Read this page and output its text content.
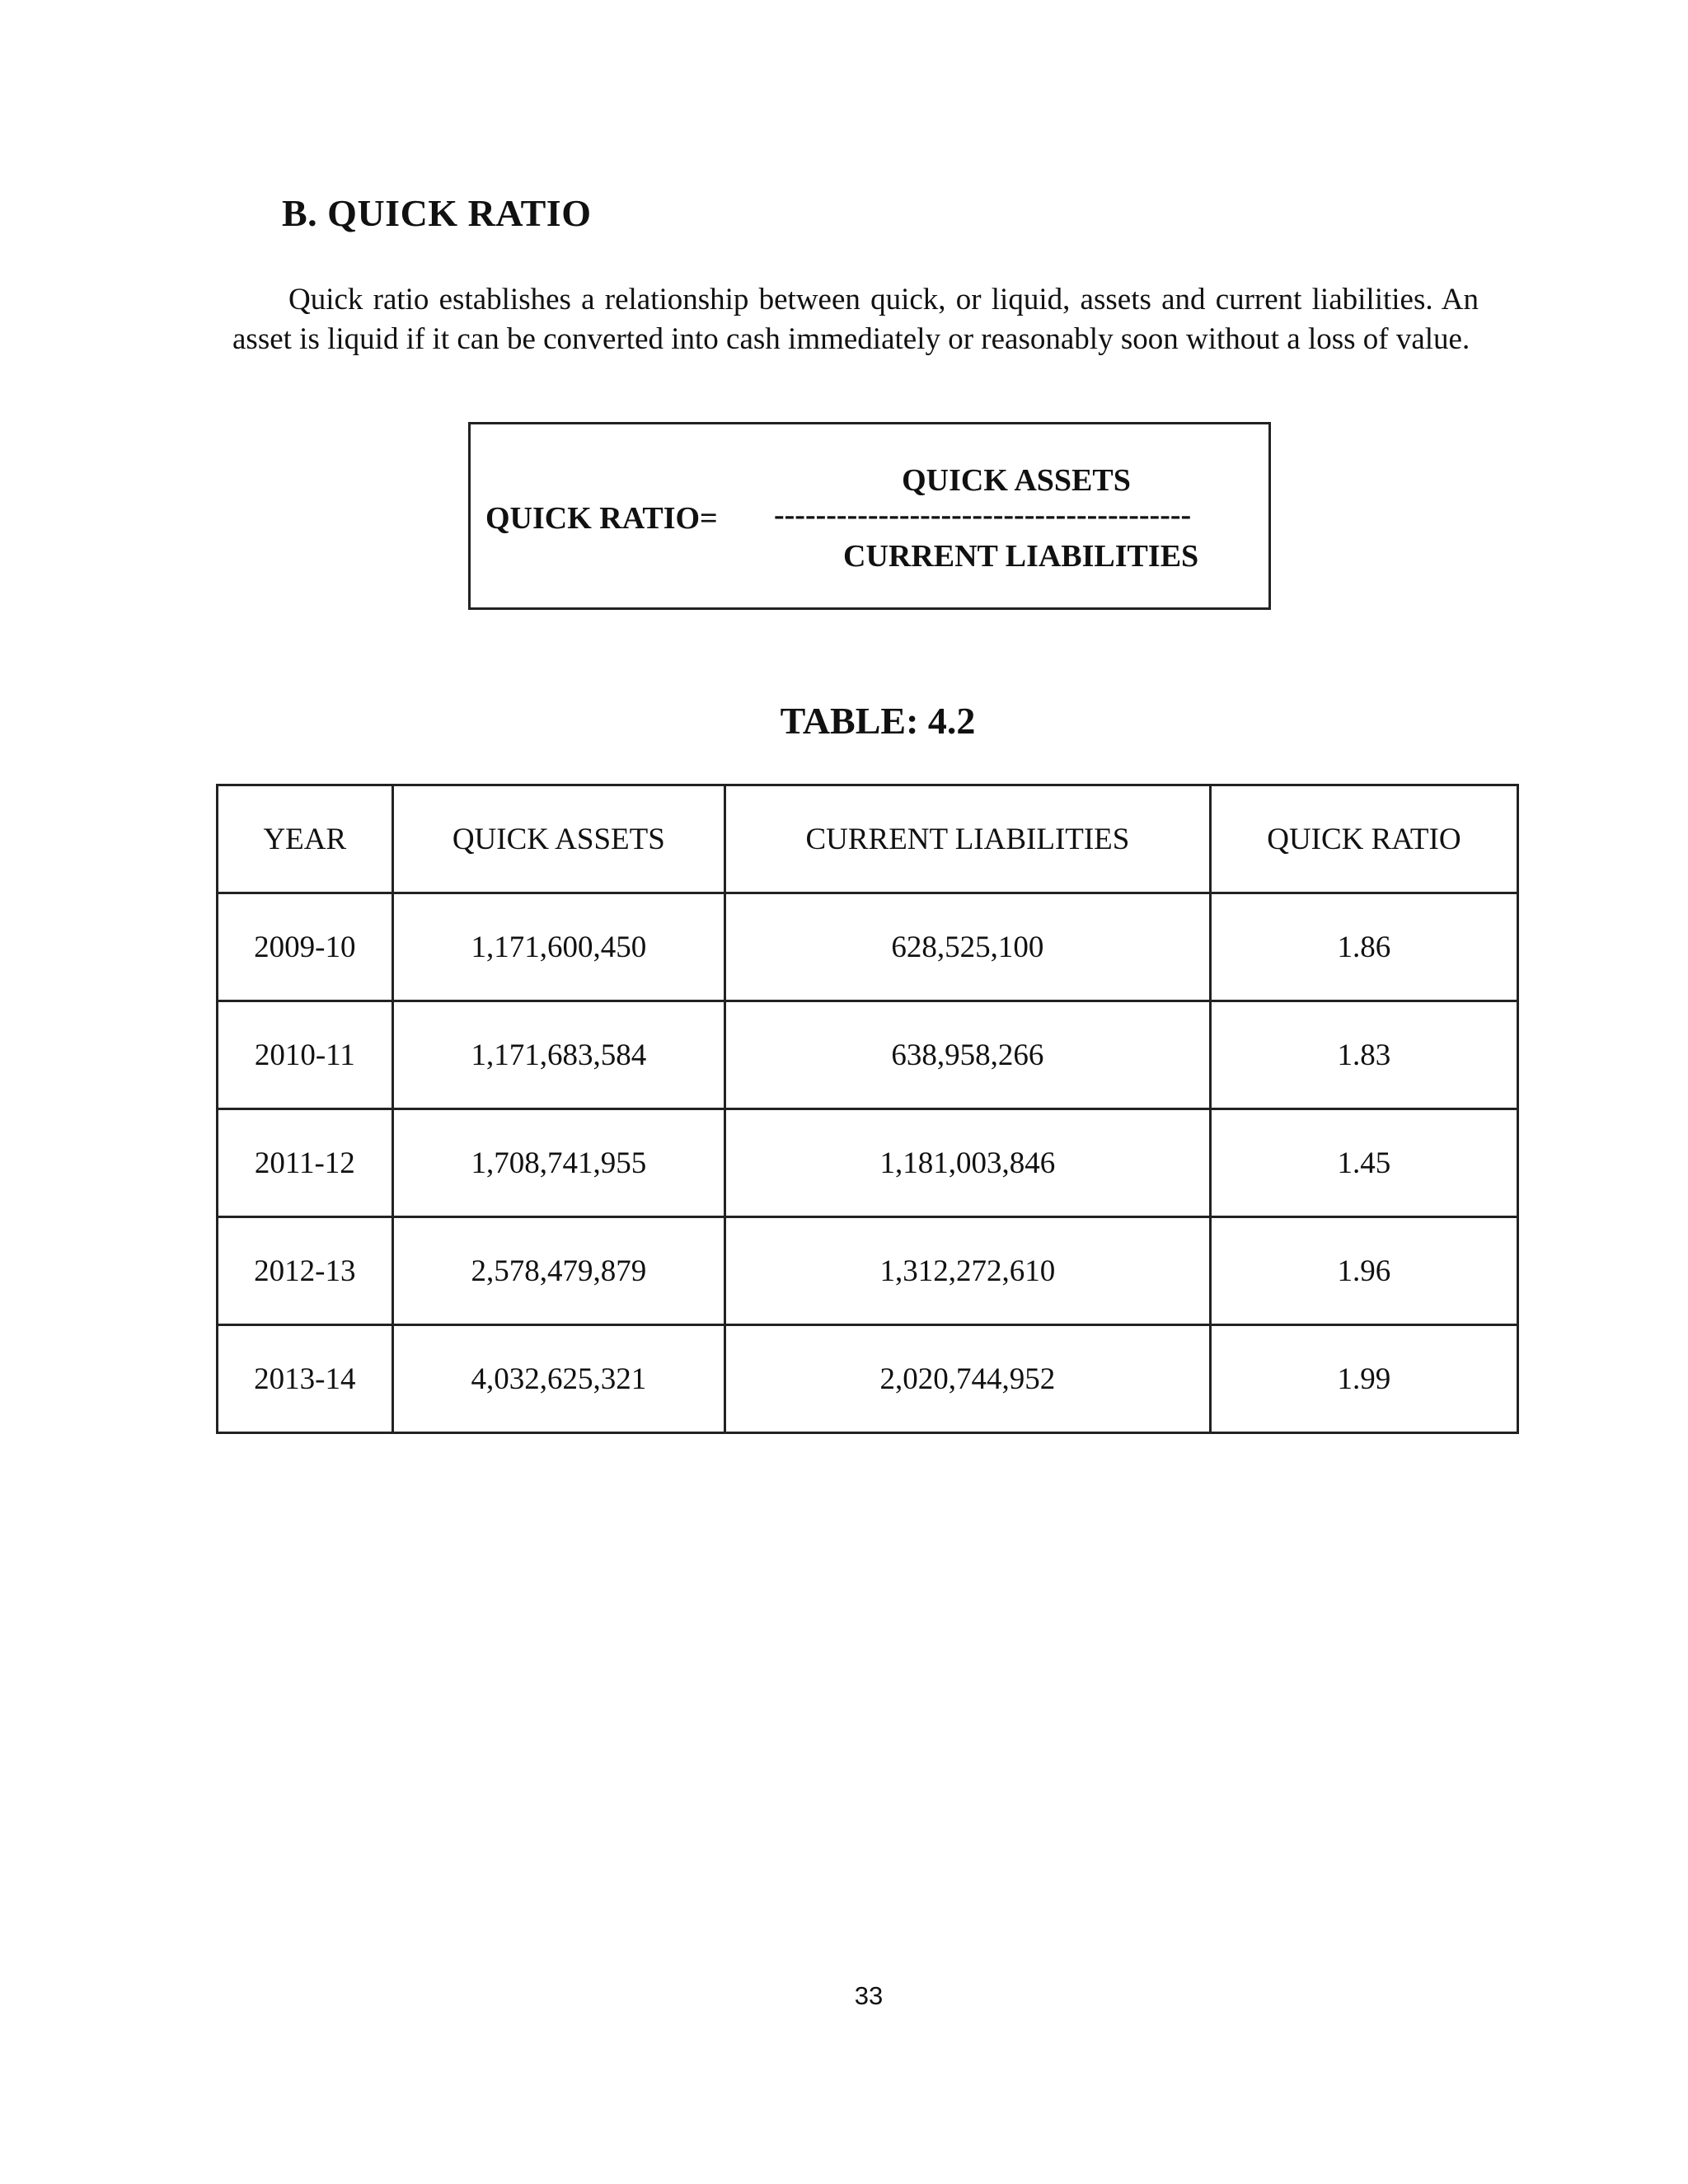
B. QUICK RATIO

Quick ratio establishes a relationship between quick, or liquid, assets and current liabilities. An asset is liquid if it can be converted into cash immediately or reasonably soon without a loss of value.

QUICK RATIO=
QUICK ASSETS
----------------------------------------
CURRENT LIABILITIES
TABLE: 4.2
YEAR	QUICK ASSETS	CURRENT LIABILITIES	QUICK RATIO
2009-10	1,171,600,450	628,525,100	1.86
2010-11	1,171,683,584	638,958,266	1.83
2011-12	1,708,741,955	1,181,003,846	1.45
2012-13	2,578,479,879	1,312,272,610	1.96
2013-14	4,032,625,321	2,020,744,952	1.99
33
